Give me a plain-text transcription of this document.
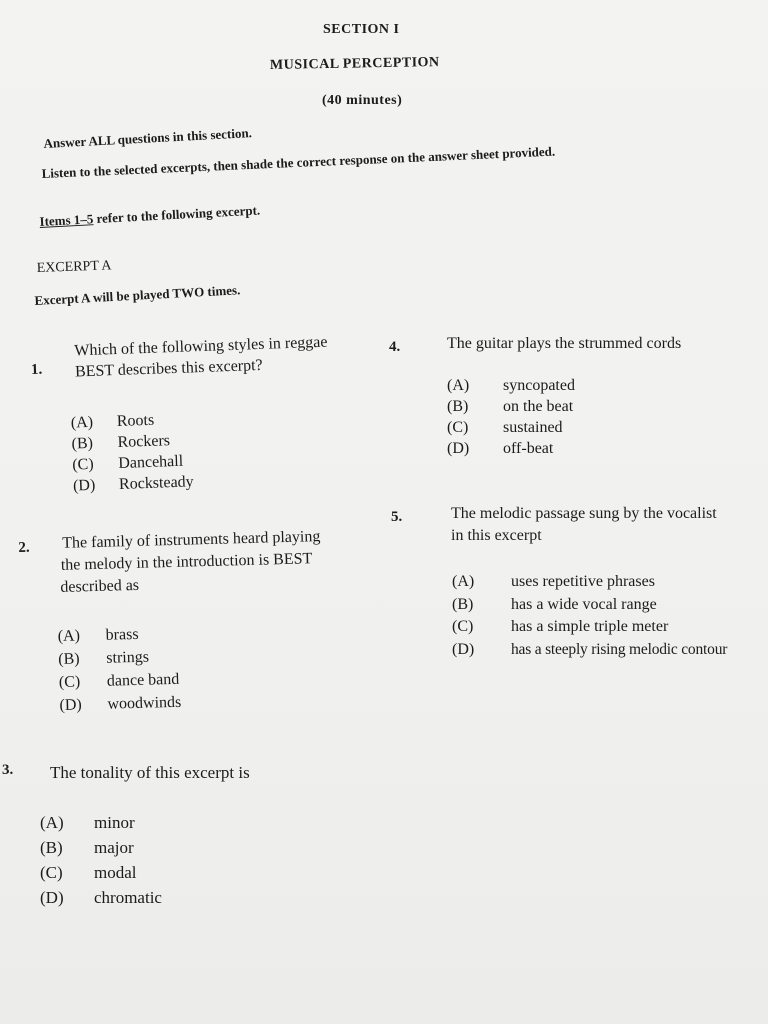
SECTION I
MUSICAL PERCEPTION
(40 minutes)
Answer ALL questions in this section.
Listen to the selected excerpts, then shade the correct response on the answer sheet provided.
Items 1–5 refer to the following excerpt.
EXCERPT A
Excerpt A will be played TWO times.
1.
Which of the following styles in reggae
BEST describes this excerpt?
(A)	Roots
(B)	Rockers
(C)	Dancehall
(D)	Rocksteady
2. The family of instruments heard playing
the melody in the introduction is BEST
described as
(A)	brass
(B)	strings
(C)	dance band
(D)	woodwinds
3. The tonality of this excerpt is
(A)	minor
(B)	major
(C)	modal
(D)	chromatic
4.	The guitar plays the strummed cords
(A)	syncopated
(B)	on the beat
(C)	sustained
(D)	off-beat
5.	The melodic passage sung by the vocalist
in this excerpt
(A)	uses repetitive phrases
(B)	has a wide vocal range
(C)	has a simple triple meter
(D)	has a steeply rising melodic contour
